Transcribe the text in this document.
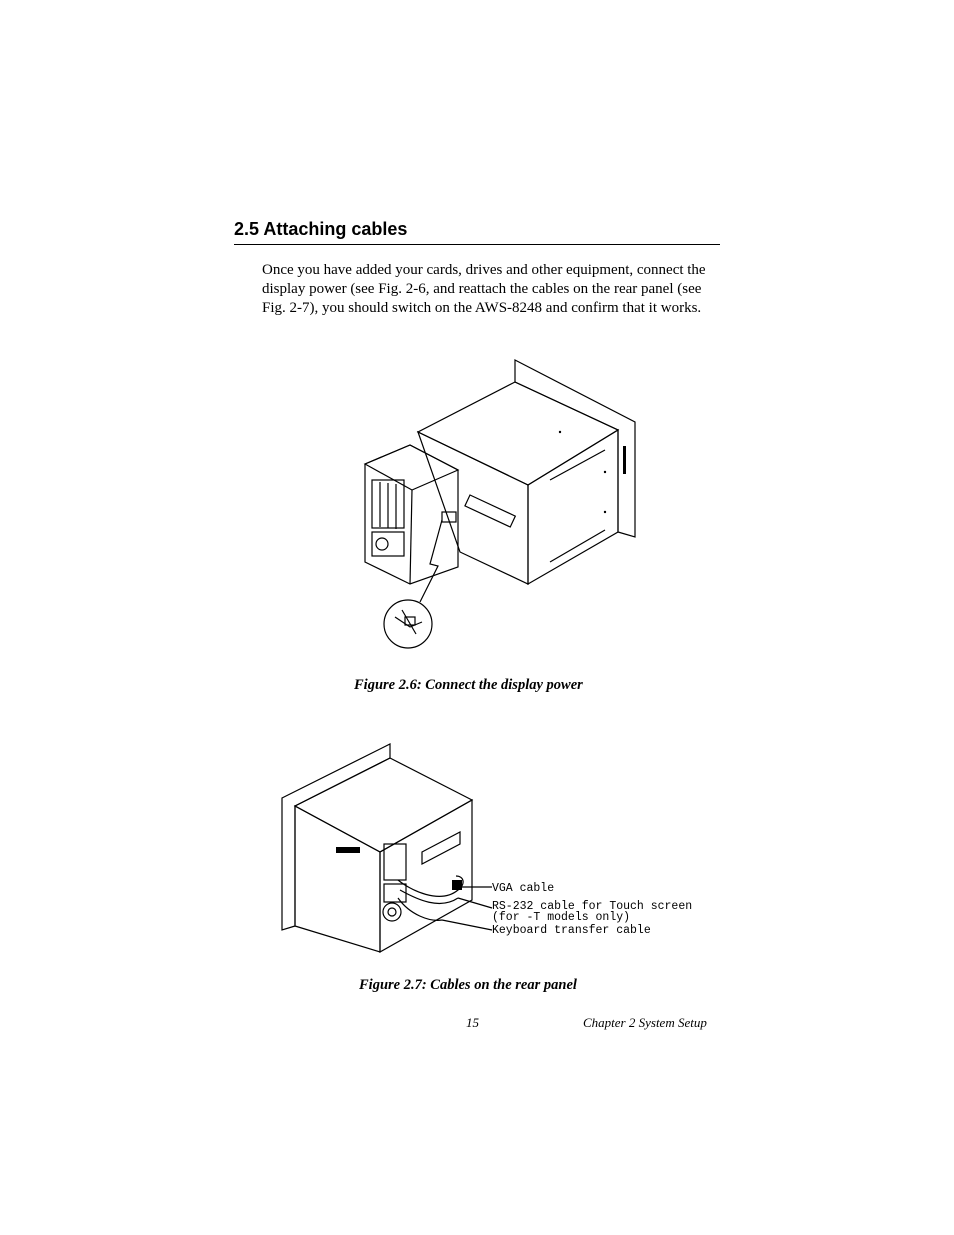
2.5 Attaching cables
Once you have added your cards, drives and other equipment, connect the display power (see Fig. 2-6, and reattach the cables on the rear panel (see Fig. 2-7), you should switch on the AWS-8248 and confirm that it works.
Figure 2.6: Connect the display power
VGA cable
RS-232 cable for Touch screen
(for -T models only)
Keyboard transfer cable
Figure 2.7: Cables on the rear panel
15	Chapter 2 System Setup
